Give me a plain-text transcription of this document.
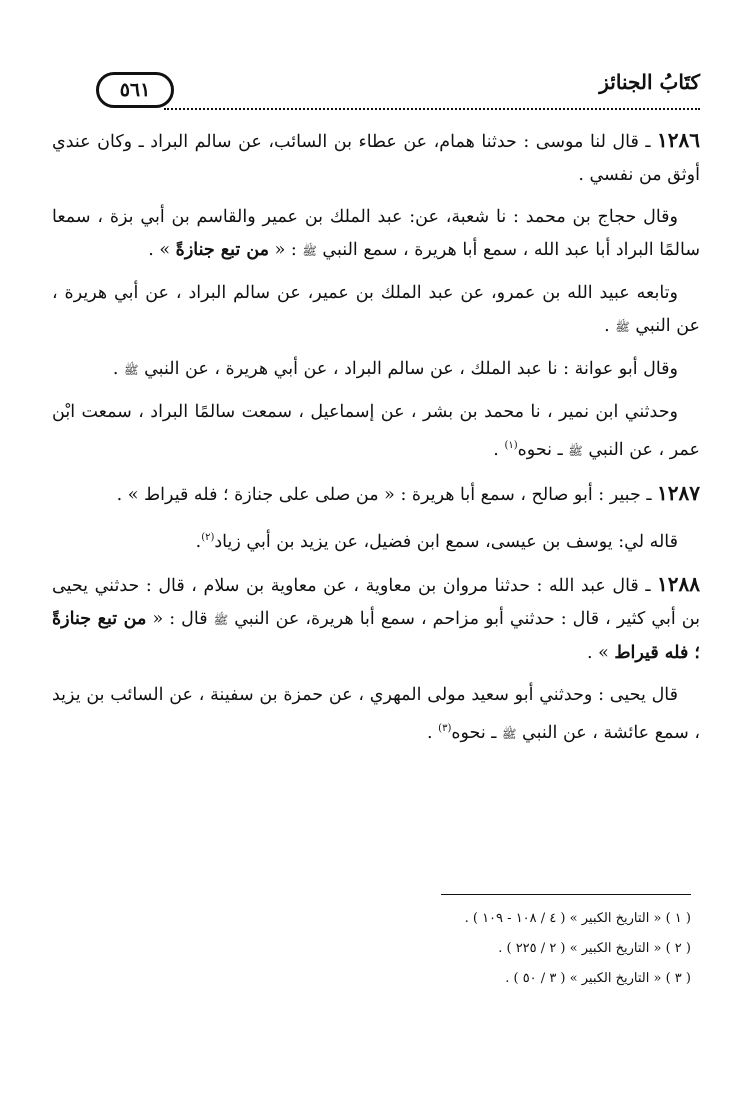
٥٦١	كتَابُ الجنائز

١٢٨٦ ـ قال لنا موسى : حدثنا همام، عن عطاء بن السائب، عن سالم البراد ـ وكان عندي أوثق من نفسي .

وقال حجاج بن محمد : نا شعبة، عن: عبد الملك بن عمير والقاسم بن أبي بزة ، سمعا سالمًا البراد أبا عبد الله ، سمع أبا هريرة ، سمع النبي ﷺ : « من تبع جنازةً » .

وتابعه عبيد الله بن عمرو، عن عبد الملك بن عمير، عن سالم البراد ، عن أبي هريرة ، عن النبي ﷺ .

وقال أبو عوانة : نا عبد الملك ، عن سالم البراد ، عن أبي هريرة ، عن النبي ﷺ .

وحدثني ابن نمير ، نا محمد بن بشر ، عن إسماعيل ، سمعت سالمًا البراد ، سمعت ابْن عمر ، عن النبي ﷺ ـ نحوه$^{(١)}$ .

١٢٨٧ ـ جبير : أبو صالح ، سمع أبا هريرة : « من صلى على جنازة ؛ فله قيراط » .

قاله لي: يوسف بن عيسى، سمع ابن فضيل، عن يزيد بن أبي زياد$^{(٢)}$.

١٢٨٨ ـ قال عبد الله : حدثنا مروان بن معاوية ، عن معاوية بن سلام ، قال : حدثني يحيى بن أبي كثير ، قال : حدثني أبو مزاحم ، سمع أبا هريرة، عن النبي ﷺ قال : « من تبع جنازةً ؛ فله قيراط » .

قال يحيى : وحدثني أبو سعيد مولى المهري ، عن حمزة بن سفينة ، عن السائب بن يزيد ، سمع عائشة ، عن النبي ﷺ ـ نحوه$^{(٣)}$ .

( ١ ) « التاريخ الكبير » ( ٤ / ١٠٨ - ١٠٩ ) .
( ٢ ) « التاريخ الكبير » ( ٢ / ٢٢٥ ) .
( ٣ ) « التاريخ الكبير » ( ٣ / ٥٠ ) .
